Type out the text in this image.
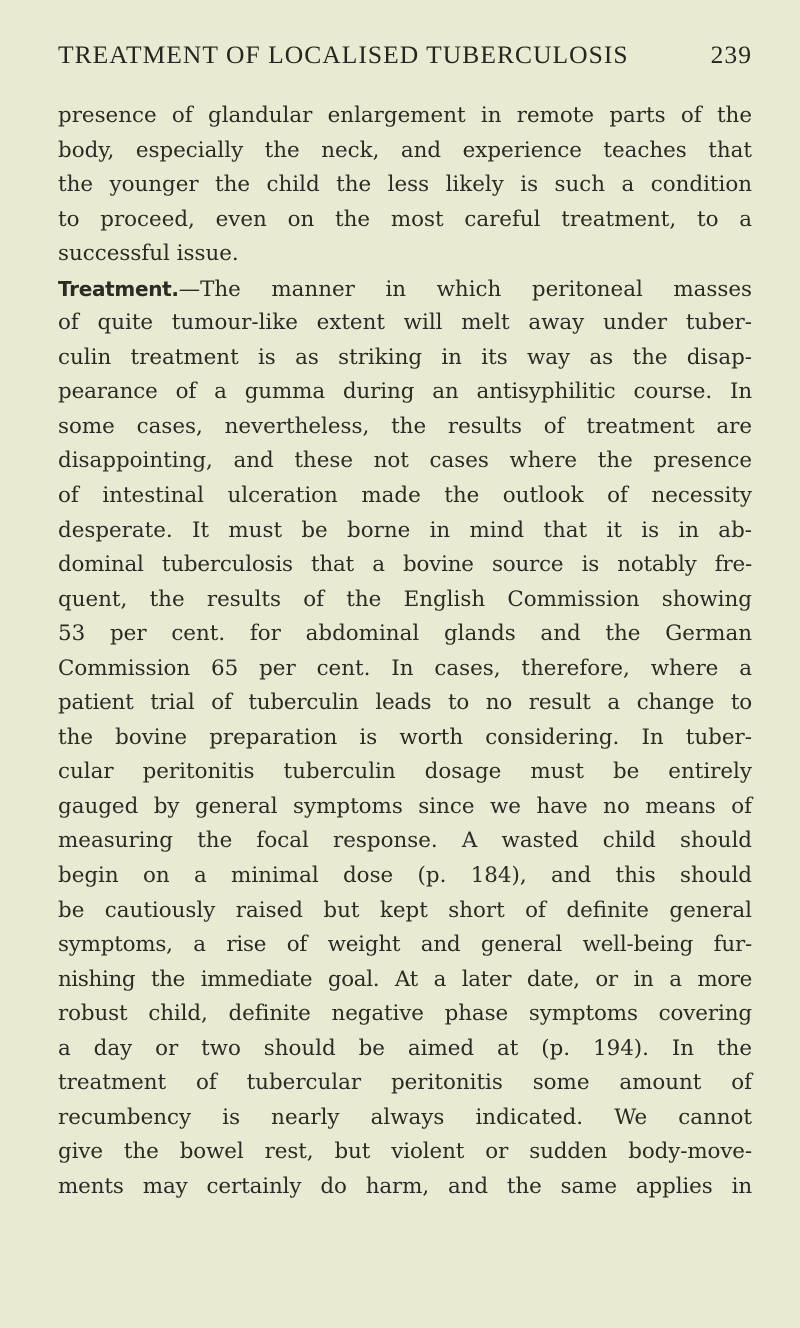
TREATMENT OF LOCALISED TUBERCULOSIS	239
presence of glandular enlargement in remote parts of the
body, especially the neck, and experience teaches that
the younger the child the less likely is such a condition
to proceed, even on the most careful treatment, to a
successful issue.
Treatment.—The manner in which peritoneal masses
of quite tumour-like extent will melt away under tuber-
culin treatment is as striking in its way as the disap-
pearance of a gumma during an antisyphilitic course. In
some cases, nevertheless, the results of treatment are
disappointing, and these not cases where the presence
of intestinal ulceration made the outlook of necessity
desperate. It must be borne in mind that it is in ab-
dominal tuberculosis that a bovine source is notably fre-
quent, the results of the English Commission showing
53 per cent. for abdominal glands and the German
Commission 65 per cent. In cases, therefore, where a
patient trial of tuberculin leads to no result a change to
the bovine preparation is worth considering. In tuber-
cular peritonitis tuberculin dosage must be entirely
gauged by general symptoms since we have no means of
measuring the focal response. A wasted child should
begin on a minimal dose (p. 184), and this should
be cautiously raised but kept short of definite general
symptoms, a rise of weight and general well-being fur-
nishing the immediate goal. At a later date, or in a more
robust child, definite negative phase symptoms covering
a day or two should be aimed at (p. 194). In the
treatment of tubercular peritonitis some amount of
recumbency is nearly always indicated. We cannot
give the bowel rest, but violent or sudden body-move-
ments may certainly do harm, and the same applies in
